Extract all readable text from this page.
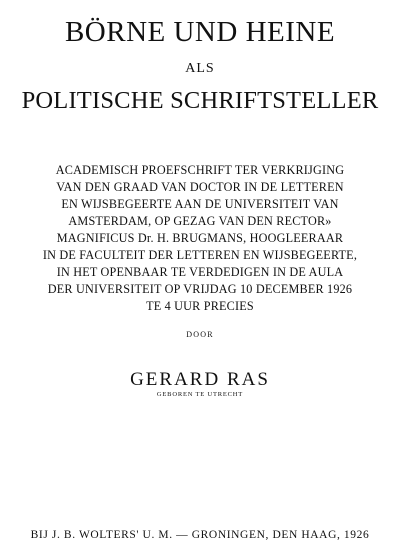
BÖRNE UND HEINE
ALS
POLITISCHE SCHRIFTSTELLER
ACADEMISCH PROEFSCHRIFT TER VERKRIJGING
VAN DEN GRAAD VAN DOCTOR IN DE LETTEREN
EN WIJSBEGEERTE AAN DE UNIVERSITEIT VAN
AMSTERDAM, OP GEZAG VAN DEN RECTOR»
MAGNIFICUS Dr. H. BRUGMANS, HOOGLEERAAR
IN DE FACULTEIT DER LETTEREN EN WIJSBEGEERTE,
IN HET OPENBAAR TE VERDEDIGEN IN DE AULA
DER UNIVERSITEIT OP VRIJDAG 10 DECEMBER 1926
TE 4 UUR PRECIES
DOOR
GERARD RAS
GEBOREN TE UTRECHT
BIJ J. B. WOLTERS' U. M. — GRONINGEN, DEN HAAG, 1926
